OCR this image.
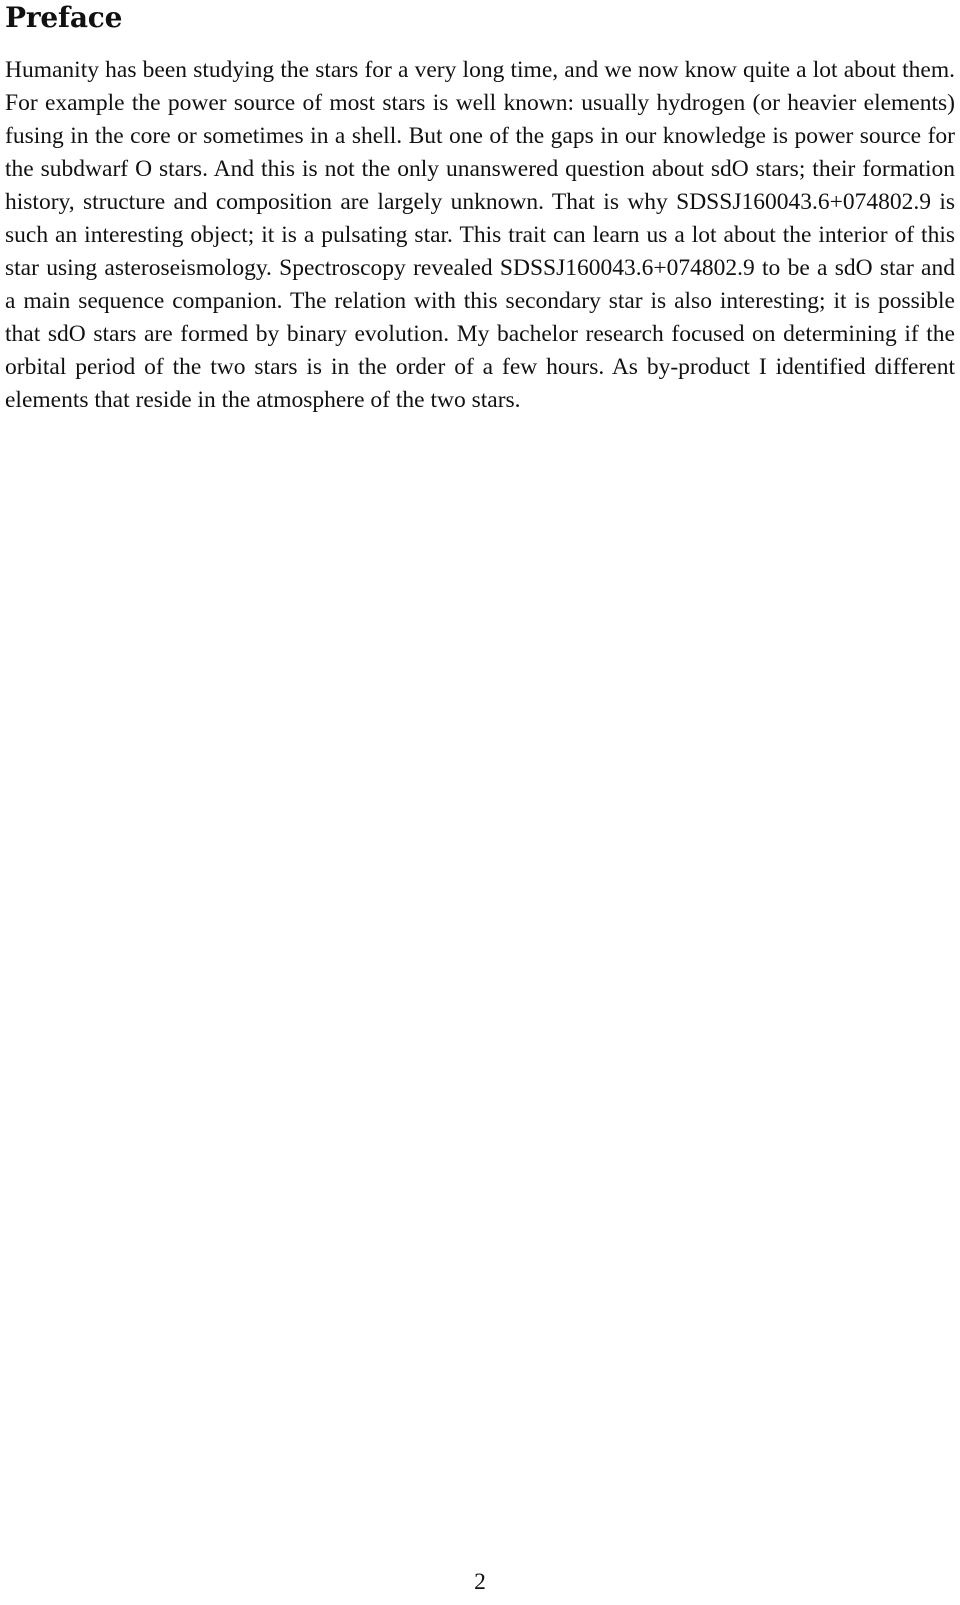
Preface

Humanity has been studying the stars for a very long time, and we now know quite a lot about them. For example the power source of most stars is well known: usually hydrogen (or heavier elements) fusing in the core or sometimes in a shell. But one of the gaps in our knowledge is power source for the subdwarf O stars. And this is not the only unanswered question about sdO stars; their formation history, structure and composition are largely unknown. That is why SDSSJ160043.6+074802.9 is such an interesting object; it is a pulsating star. This trait can learn us a lot about the interior of this star using asteroseismology. Spectroscopy revealed SDSSJ160043.6+074802.9 to be a sdO star and a main sequence companion. The relation with this secondary star is also interesting; it is possible that sdO stars are formed by binary evolution. My bachelor research focused on determining if the orbital period of the two stars is in the order of a few hours. As by-product I identified different elements that reside in the atmosphere of the two stars.

2
